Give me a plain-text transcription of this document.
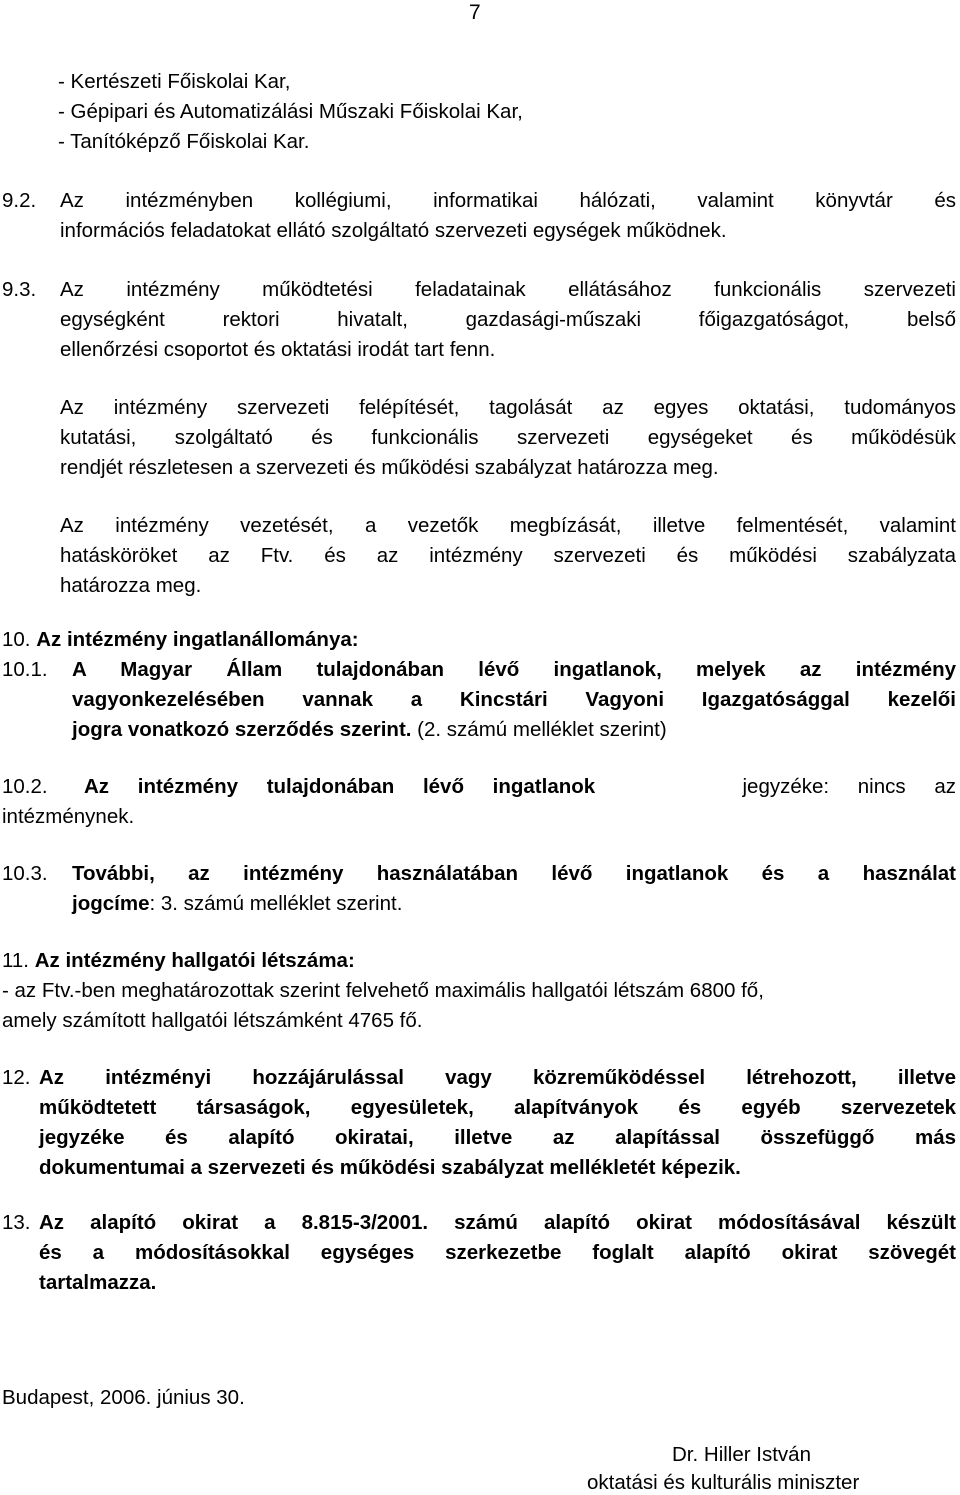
7
- Kertészeti Főiskolai Kar,
- Gépipari és Automatizálási Műszaki Főiskolai Kar,
- Tanítóképző Főiskolai Kar.
9.2. Az intézményben kollégiumi, informatikai hálózati, valamint könyvtár és
információs feladatokat ellátó szolgáltató szervezeti egységek működnek.
9.3. Az intézmény működtetési feladatainak ellátásához funkcionális szervezeti
egységként rektori hivatalt, gazdasági-műszaki főigazgatóságot, belső
ellenőrzési csoportot és oktatási irodát tart fenn.
Az intézmény szervezeti felépítését, tagolását az egyes oktatási, tudományos
kutatási, szolgáltató és funkcionális szervezeti egységeket és működésük
rendjét részletesen a szervezeti és működési szabályzat határozza meg.
Az intézmény vezetését, a vezetők megbízását, illetve felmentését, valamint
hatásköröket az Ftv. és az intézmény szervezeti és működési szabályzata
határozza meg.
10. Az intézmény ingatlanállománya:
10.1. A Magyar Állam tulajdonában lévő ingatlanok, melyek az intézmény
vagyonkezelésében vannak a Kincstári Vagyoni Igazgatósággal kezelői
jogra vonatkozó szerződés szerint. (2. számú melléklet szerint)
10.2. Az intézmény tulajdonában lévő ingatlanok	jegyzéke: nincs az
intézménynek.
10.3. További, az intézmény használatában lévő ingatlanok és a használat
jogcíme: 3. számú melléklet szerint.
11. Az intézmény hallgatói létszáma:
- az Ftv.-ben meghatározottak szerint felvehető maximális hallgatói létszám 6800 fő,
amely számított hallgatói létszámként 4765 fő.
12. Az intézményi hozzájárulással vagy közreműködéssel létrehozott, illetve
működtetett társaságok, egyesületek, alapítványok és egyéb szervezetek
jegyzéke és alapító okiratai, illetve az alapítással összefüggő más
dokumentumai a szervezeti és működési szabályzat mellékletét képezik.
13. Az alapító okirat a 8.815-3/2001. számú alapító okirat módosításával készült
és a módosításokkal egységes szerkezetbe foglalt alapító okirat szövegét
tartalmazza.
Budapest, 2006. június 30.
Dr. Hiller István
oktatási és kulturális miniszter
